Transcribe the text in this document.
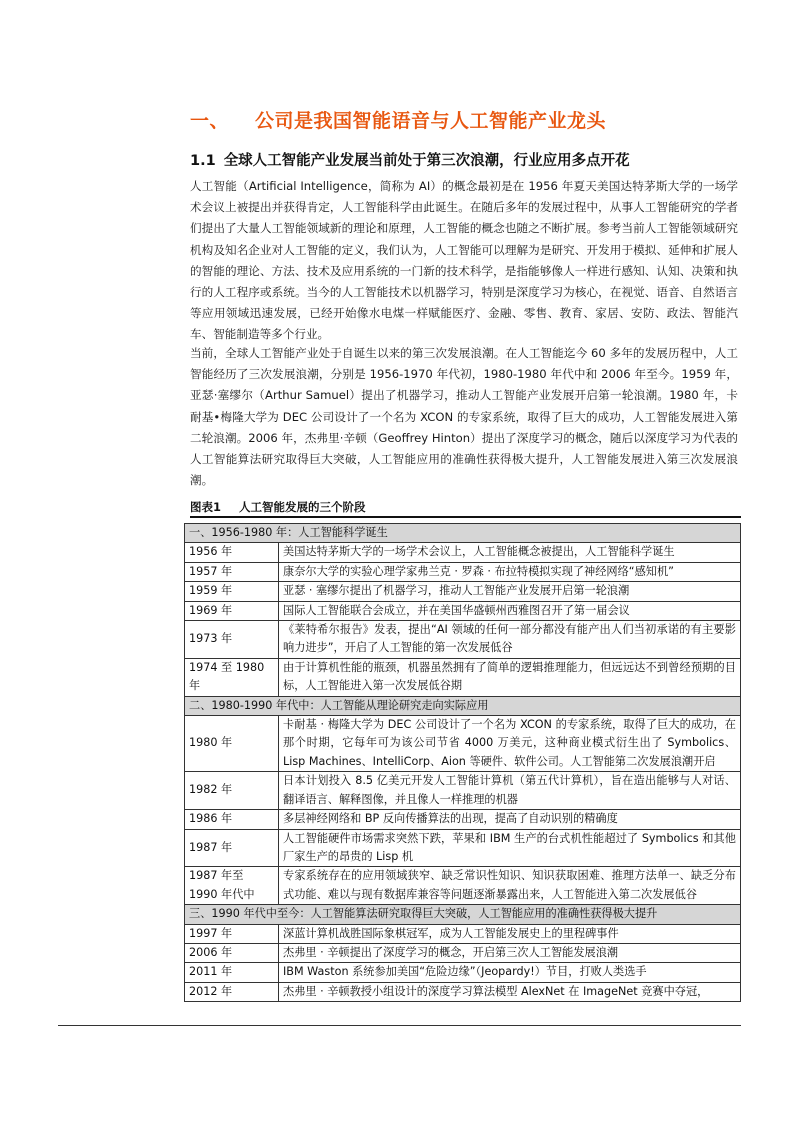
一、 公司是我国智能语音与人工智能产业龙头
1.1 全球人工智能产业发展当前处于第三次浪潮，行业应用多点开花
人工智能（Artificial Intelligence，简称为 AI）的概念最初是在 1956 年夏天美国达特茅斯大学的一场学术会议上被提出并获得肯定，人工智能科学由此诞生。在随后多年的发展过程中，从事人工智能研究的学者们提出了大量人工智能领域新的理论和原理，人工智能的概念也随之不断扩展。参考当前人工智能领域研究机构及知名企业对人工智能的定义，我们认为，人工智能可以理解为是研究、开发用于模拟、延伸和扩展人的智能的理论、方法、技术及应用系统的一门新的技术科学，是指能够像人一样进行感知、认知、决策和执行的人工程序或系统。当今的人工智能技术以机器学习，特别是深度学习为核心，在视觉、语音、自然语言等应用领域迅速发展，已经开始像水电煤一样赋能医疗、金融、零售、教育、家居、安防、政法、智能汽车、智能制造等多个行业。
当前，全球人工智能产业处于自诞生以来的第三次发展浪潮。在人工智能迄今 60 多年的发展历程中，人工智能经历了三次发展浪潮，分别是 1956-1970 年代初，1980-1980 年代中和 2006 年至今。1959 年，亚瑟·塞缪尔（Arthur Samuel）提出了机器学习，推动人工智能产业发展开启第一轮浪潮。1980 年，卡耐基•梅隆大学为 DEC 公司设计了一个名为 XCON 的专家系统，取得了巨大的成功，人工智能发展进入第二轮浪潮。2006 年，杰弗里·辛顿（Geoffrey Hinton）提出了深度学习的概念，随后以深度学习为代表的人工智能算法研究取得巨大突破，人工智能应用的准确性获得极大提升，人工智能发展进入第三次发展浪潮。
图表1 人工智能发展的三个阶段
一、1956-1980 年：人工智能科学诞生	
1956 年	美国达特茅斯大学的一场学术会议上，人工智能概念被提出，人工智能科学诞生
1957 年	康奈尔大学的实验心理学家弗兰克 · 罗森 · 布拉特模拟实现了神经网络“感知机”
1959 年	亚瑟 · 塞缪尔提出了机器学习，推动人工智能产业发展开启第一轮浪潮
1969 年	国际人工智能联合会成立，并在美国华盛顿州西雅图召开了第一届会议
1973 年	《莱特希尔报告》发表，提出“AI 领域的任何一部分都没有能产出人们当初承诺的有主要影响力进步”，开启了人工智能的第一次发展低谷
1974 至 1980 年	由于计算机性能的瓶颈，机器虽然拥有了简单的逻辑推理能力，但远远达不到曾经预期的目标，人工智能进入第一次发展低谷期
二、1980-1990 年代中：人工智能从理论研究走向实际应用	
1980 年	卡耐基 · 梅隆大学为 DEC 公司设计了一个名为 XCON 的专家系统，取得了巨大的成功，在那个时期，它每年可为该公司节省 4000 万美元，这种商业模式衍生出了 Symbolics、Lisp Machines、IntelliCorp、Aion 等硬件、软件公司。人工智能第二次发展浪潮开启
1982 年	日本计划投入 8.5 亿美元开发人工智能计算机（第五代计算机），旨在造出能够与人对话、翻译语言、解释图像，并且像人一样推理的机器
1986 年	多层神经网络和 BP 反向传播算法的出现，提高了自动识别的精确度
1987 年	人工智能硬件市场需求突然下跌，苹果和 IBM 生产的台式机性能超过了 Symbolics 和其他厂家生产的昂贵的 Lisp 机
1987 年至 1990 年代中	专家系统存在的应用领域狭窄、缺乏常识性知识、知识获取困难、推理方法单一、缺乏分布式功能、难以与现有数据库兼容等问题逐渐暴露出来，人工智能进入第二次发展低谷
三、1990 年代中至今：人工智能算法研究取得巨大突破，人工智能应用的准确性获得极大提升	
1997 年	深蓝计算机战胜国际象棋冠军，成为人工智能发展史上的里程碑事件
2006 年	杰弗里 · 辛顿提出了深度学习的概念，开启第三次人工智能发展浪潮
2011 年	IBM Waston 系统参加美国“危险边缘”（Jeopardy!）节目，打败人类选手
2012 年	杰弗里 · 辛顿教授小组设计的深度学习算法模型 AlexNet 在 ImageNet 竞赛中夺冠，
